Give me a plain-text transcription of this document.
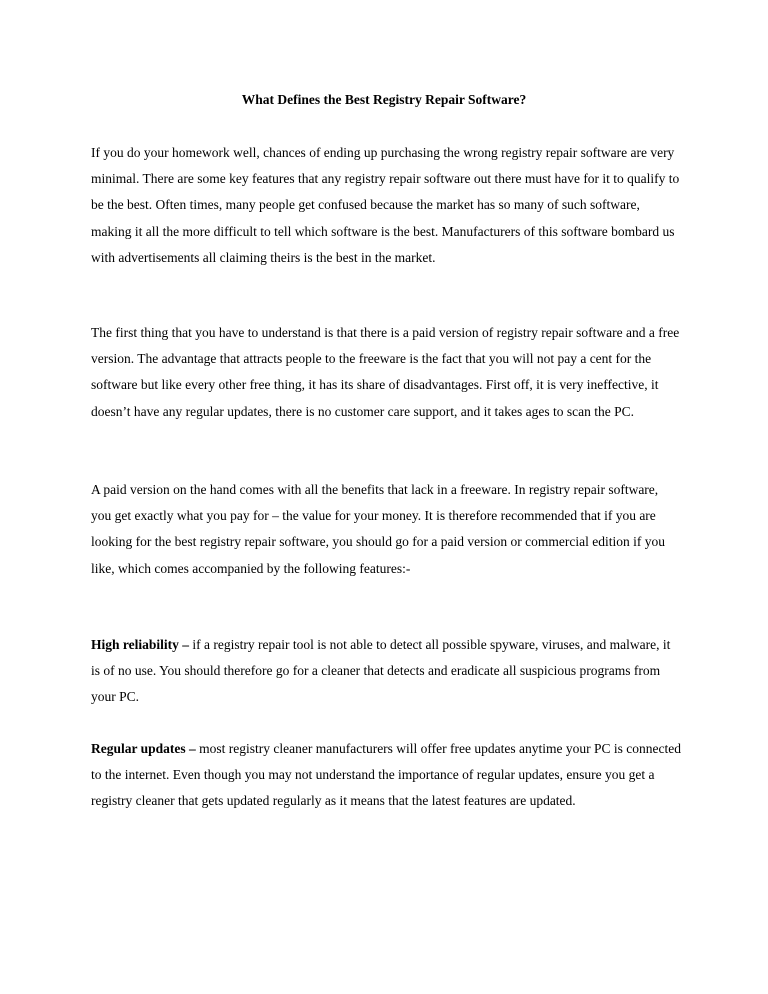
What Defines the Best Registry Repair Software?

If you do your homework well, chances of ending up purchasing the wrong registry repair software are very minimal. There are some key features that any registry repair software out there must have for it to qualify to be the best. Often times, many people get confused because the market has so many of such software, making it all the more difficult to tell which software is the best. Manufacturers of this software bombard us with advertisements all claiming theirs is the best in the market.

The first thing that you have to understand is that there is a paid version of registry repair software and a free version. The advantage that attracts people to the freeware is the fact that you will not pay a cent for the software but like every other free thing, it has its share of disadvantages. First off, it is very ineffective, it doesn’t have any regular updates, there is no customer care support, and it takes ages to scan the PC.

A paid version on the hand comes with all the benefits that lack in a freeware. In registry repair software, you get exactly what you pay for – the value for your money. It is therefore recommended that if you are looking for the best registry repair software, you should go for a paid version or commercial edition if you like, which comes accompanied by the following features:-

High reliability – if a registry repair tool is not able to detect all possible spyware, viruses, and malware, it is of no use. You should therefore go for a cleaner that detects and eradicate all suspicious programs from your PC.

Regular updates – most registry cleaner manufacturers will offer free updates anytime your PC is connected to the internet. Even though you may not understand the importance of regular updates, ensure you get a registry cleaner that gets updated regularly as it means that the latest features are updated.
